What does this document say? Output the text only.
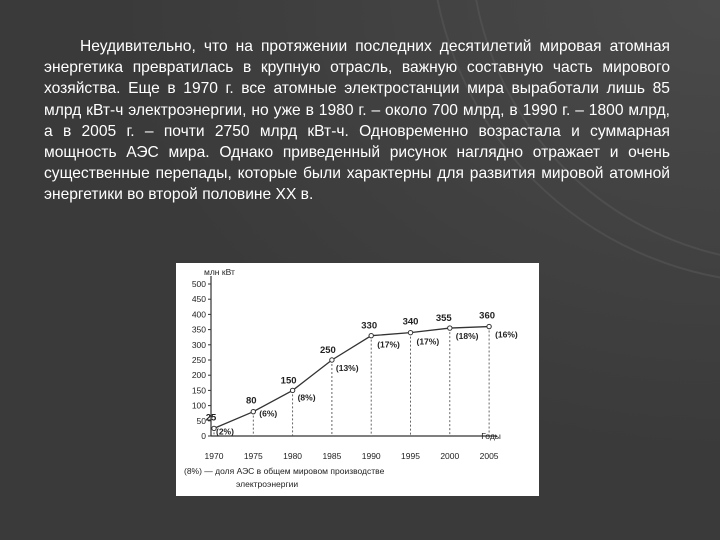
Неудивительно, что на протяжении последних десятилетий мировая атомная энергетика превратилась в крупную отрасль, важную составную часть мирового хозяйства. Еще в 1970 г. все атомные электростанции мира выработали лишь 85 млрд кВт-ч электроэнергии, но уже в 1980 г. – около 700 млрд, в 1990 г. – 1800 млрд, а в 2005 г. – почти 2750 млрд кВт-ч. Одновременно возрастала и суммарная мощность АЭС мира. Однако приведенный рисунок наглядно отражает и очень существенные перепады, которые были характерны для развития мировой атомной энергетики во второй половине XX в.

млн кВт
0
50
100
150
200
250
300
350
400
450
500
25
(2%)
80
(6%)
150
(8%)
250
(13%)
330
(17%)
340
(17%)
355
(18%)
360
(16%)
1970 1975 1980 1985 1990 1995 2000 2005
Годы
(8%) — доля АЭС в общем мировом производстве
электроэнергии
